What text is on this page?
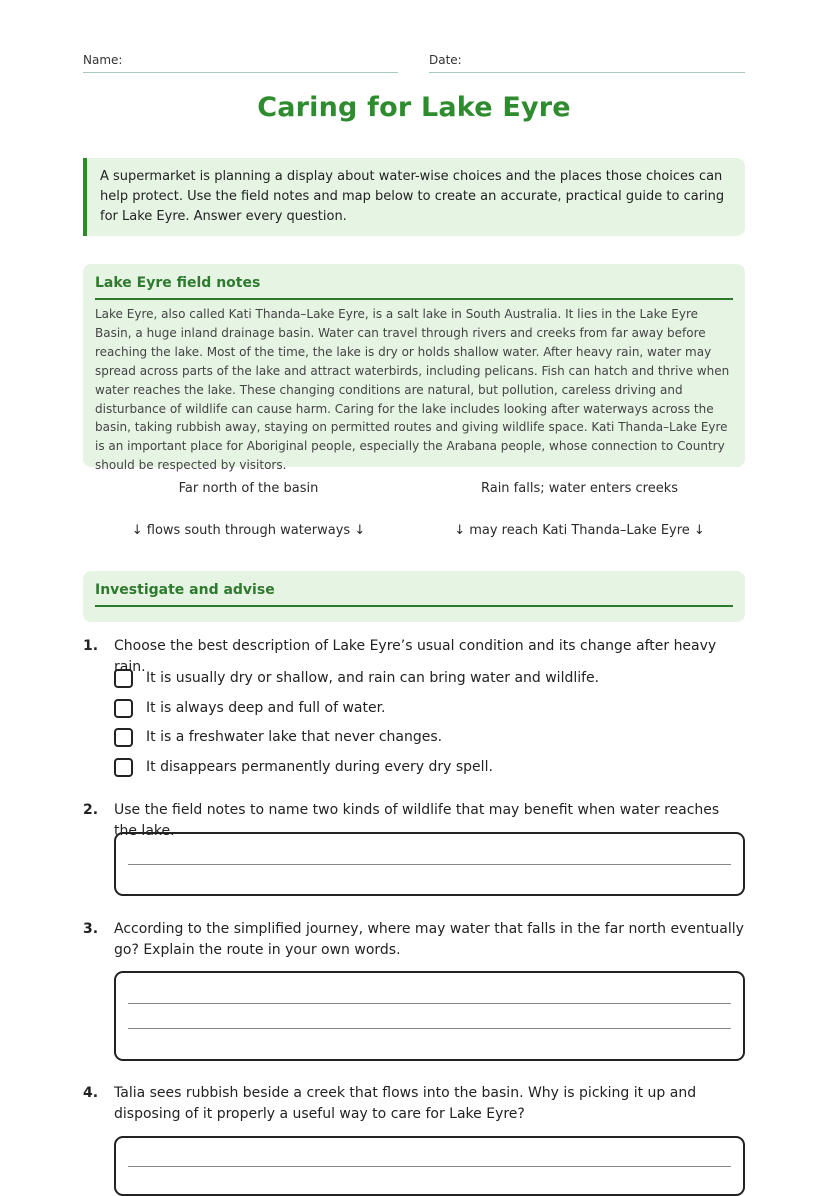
Name:	Date:
Caring for Lake Eyre
A supermarket is planning a display about water-wise choices and the places those choices can help protect. Use the field notes and map below to create an accurate, practical guide to caring for Lake Eyre. Answer every question.
Lake Eyre field notes
Lake Eyre, also called Kati Thanda–Lake Eyre, is a salt lake in South Australia. It lies in the Lake Eyre Basin, a huge inland drainage basin. Water can travel through rivers and creeks from far away before reaching the lake. Most of the time, the lake is dry or holds shallow water. After heavy rain, water may spread across parts of the lake and attract waterbirds, including pelicans. Fish can hatch and thrive when water reaches the lake. These changing conditions are natural, but pollution, careless driving and disturbance of wildlife can cause harm. Caring for the lake includes looking after waterways across the basin, taking rubbish away, staying on permitted routes and giving wildlife space. Kati Thanda–Lake Eyre is an important place for Aboriginal people, especially the Arabana people, whose connection to Country should be respected by visitors.
Far north of the basin	Rain falls; water enters creeks
↓ flows south through waterways ↓	↓ may reach Kati Thanda–Lake Eyre ↓
Investigate and advise
1. Choose the best description of Lake Eyre’s usual condition and its change after heavy rain.
It is usually dry or shallow, and rain can bring water and wildlife.
It is always deep and full of water.
It is a freshwater lake that never changes.
It disappears permanently during every dry spell.
2. Use the field notes to name two kinds of wildlife that may benefit when water reaches the lake.
3. According to the simplified journey, where may water that falls in the far north eventually go? Explain the route in your own words.
4. Talia sees rubbish beside a creek that flows into the basin. Why is picking it up and disposing of it properly a useful way to care for Lake Eyre?
